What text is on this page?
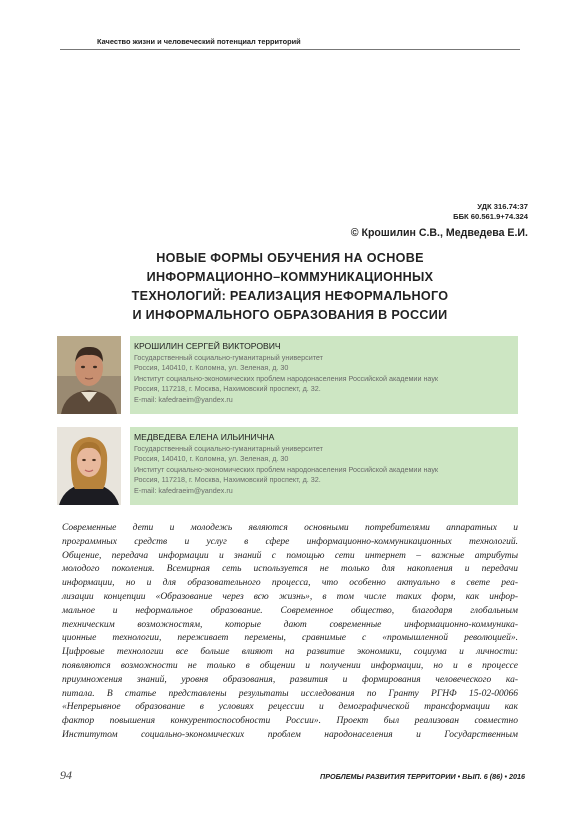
Качество жизни и человеческий потенциал территорий
УДК 316.74:37
ББК 60.561.9+74.324
© Крошилин С.В., Медведева Е.И.
НОВЫЕ ФОРМЫ ОБУЧЕНИЯ НА ОСНОВЕ
ИНФОРМАЦИОННО–КОММУНИКАЦИОННЫХ
ТЕХНОЛОГИЙ: РЕАЛИЗАЦИЯ НЕФОРМАЛЬНОГО
И ИНФОРМАЛЬНОГО ОБРАЗОВАНИЯ В РОССИИ
КРОШИЛИН СЕРГЕЙ ВИКТОРОВИЧ
Государственный социально-гуманитарный университет
Россия, 140410, г. Коломна, ул. Зеленая, д. 30
Институт социально-экономических проблем народонаселения Российской академии наук
Россия, 117218, г. Москва, Нахимовский проспект, д. 32.
E-mail: kafedraeim@yandex.ru
МЕДВЕДЕВА ЕЛЕНА ИЛЬИНИЧНА
Государственный социально-гуманитарный университет
Россия, 140410, г. Коломна, ул. Зеленая, д. 30
Институт социально-экономических проблем народонаселения Российской академии наук
Россия, 117218, г. Москва, Нахимовский проспект, д. 32.
E-mail: kafedraeim@yandex.ru
Современные дети и молодежь являются основными потребителями аппаратных и
программных средств и услуг в сфере информационно-коммуникационных технологий.
Общение, передача информации и знаний с помощью сети интернет – важные атрибуты
молодого поколения. Всемирная сеть используется не только для накопления и передачи
информации, но и для образовательного процесса, что особенно актуально в свете реа-
лизации концепции «Образование через всю жизнь», в том числе таких форм, как инфор-
мальное и неформальное образование. Современное общество, благодаря глобальным
техническим возможностям, которые дают современные информационно-коммуника-
ционные технологии, переживает перемены, сравнимые с «промышленной революцией».
Цифровые технологии все больше влияют на развитие экономики, социума и личности:
появляются возможности не только в общении и получении информации, но и в процессе
приумножения знаний, уровня образования, развития и формирования человеческого ка-
питала. В статье представлены результаты исследования по Гранту РГНФ 15-02-00066
«Непрерывное образование в условиях рецессии и демографической трансформации как
фактор повышения конкурентоспособности России». Проект был реализован совместно
Институтом социально-экономических проблем народонаселения и Государственным
94	ПРОБЛЕМЫ РАЗВИТИЯ ТЕРРИТОРИИ • ВЫП. 6 (86) • 2016
